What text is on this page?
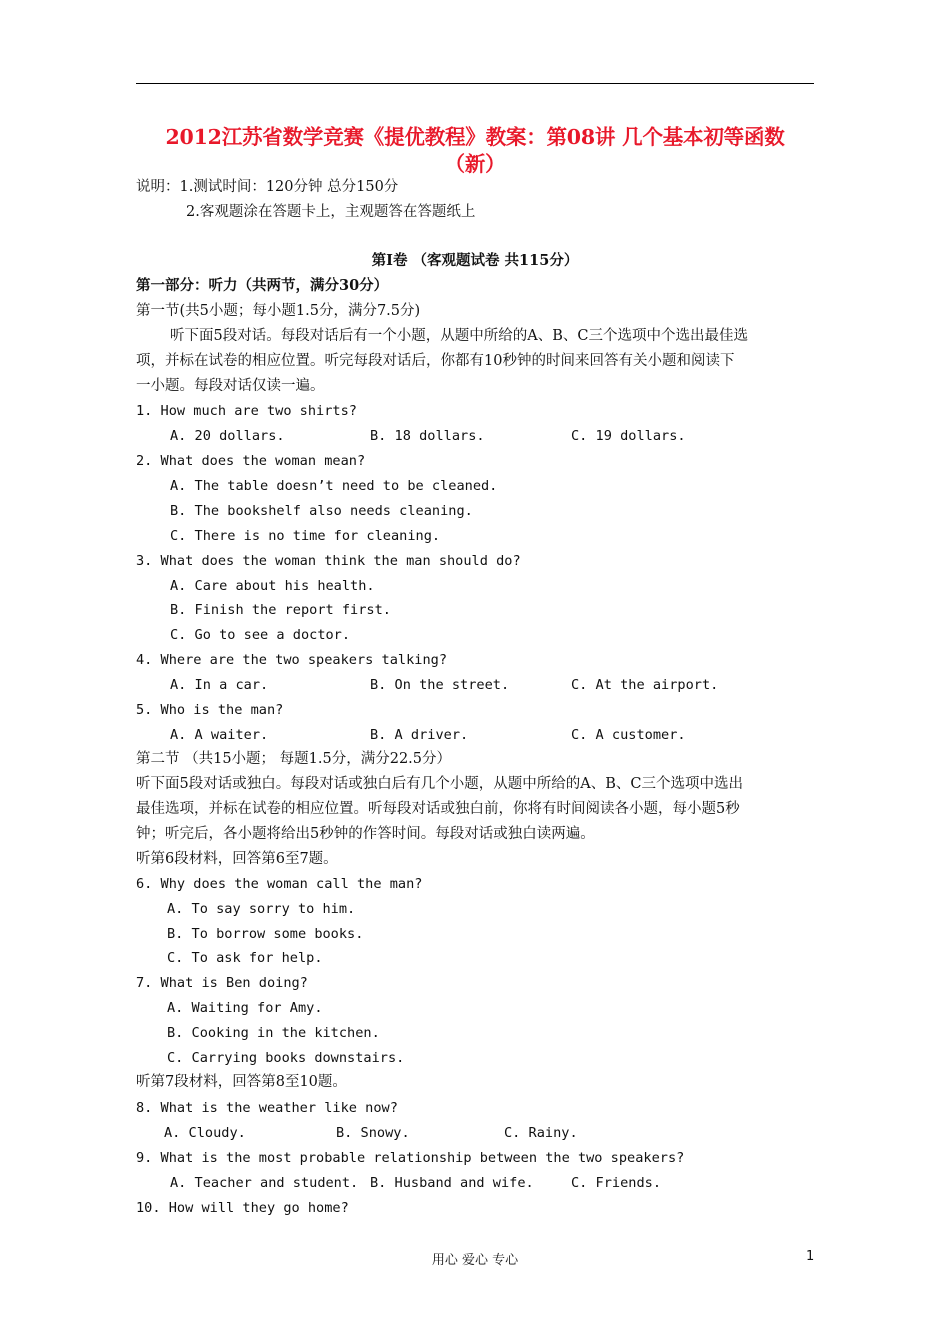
2012江苏省数学竞赛《提优教程》教案：第08讲 几个基本初等函数
（新）
说明：1.测试时间：120分钟 总分150分
2.客观题涂在答题卡上，主观题答在答题纸上
第Ⅰ卷 （客观题试卷 共115分）
第一部分：听力（共两节，满分30分）
第一节(共5小题；每小题1.5分，满分7.5分)
听下面5段对话。每段对话后有一个小题，从题中所给的A、B、C三个选项中个选出最佳选
项，并标在试卷的相应位置。听完每段对话后，你都有10秒钟的时间来回答有关小题和阅读下
一小题。每段对话仅读一遍。
1. How much are two shirts?
A. 20 dollars.	B. 18 dollars.	C. 19 dollars.
2. What does the woman mean?
A. The table doesn’t need to be cleaned.
B. The bookshelf also needs cleaning.
C. There is no time for cleaning.
3. What does the woman think the man should do?
A. Care about his health.
B. Finish the report first.
C. Go to see a doctor.
4. Where are the two speakers talking?
A. In a car.	B. On the street.	C. At the airport.
5. Who is the man?
A. A waiter.	B. A driver.	C. A customer.
第二节 （共15小题； 每题1.5分，满分22.5分）
听下面5段对话或独白。每段对话或独白后有几个小题，从题中所给的A、B、C三个选项中选出
最佳选项，并标在试卷的相应位置。听每段对话或独白前，你将有时间阅读各小题，每小题5秒
钟；听完后，各小题将给出5秒钟的作答时间。每段对话或独白读两遍。
听第6段材料，回答第6至7题。
6. Why does the woman call the man?
A. To say sorry to him.
B. To borrow some books.
C. To ask for help.
7. What is Ben doing?
A. Waiting for Amy.
B. Cooking in the kitchen.
C. Carrying books downstairs.
听第7段材料，回答第8至10题。
8. What is the weather like now?
A. Cloudy.	B. Snowy.	C. Rainy.
9. What is the most probable relationship between the two speakers?
A. Teacher and student. B. Husband and wife.	C. Friends.
10. How will they go home?
用心 爱心 专心	1
